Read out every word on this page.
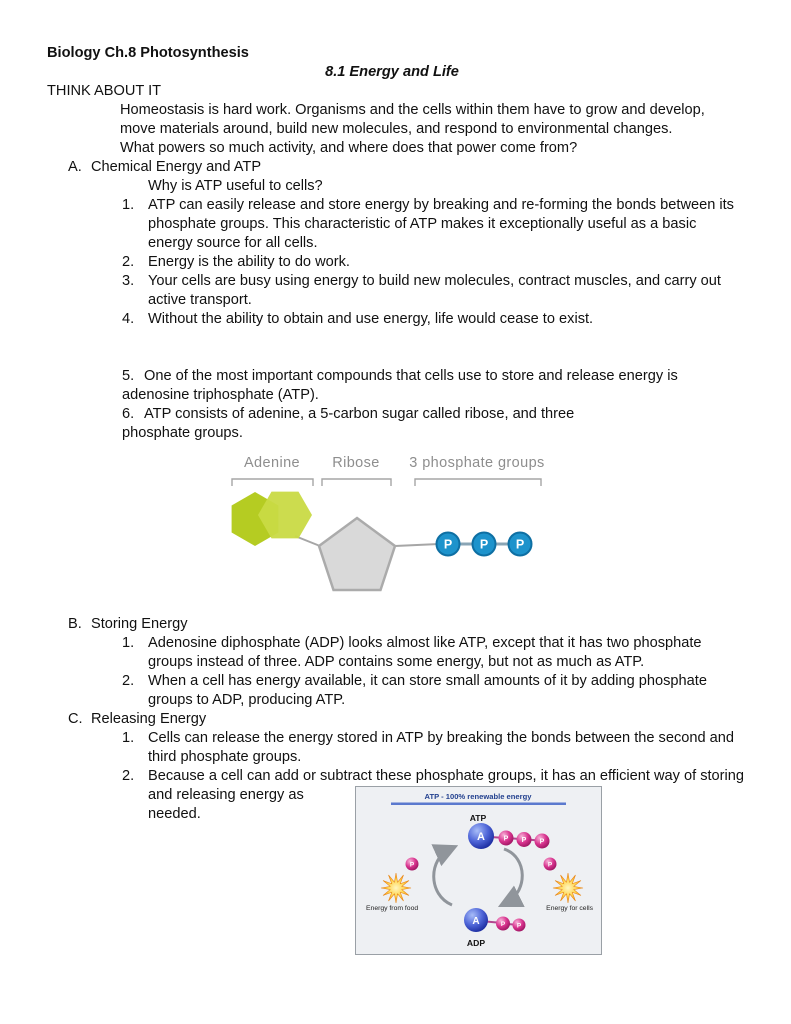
Biology Ch.8 Photosynthesis
8.1 Energy and Life
THINK ABOUT IT
Homeostasis is hard work. Organisms and the cells within them have to grow and develop, move materials around, build new molecules, and respond to environmental changes.
What powers so much activity, and where does that power come from?
A. Chemical Energy and ATP
Why is ATP useful to cells?
1. ATP can easily release and store energy by breaking and re-forming the bonds between its phosphate groups. This characteristic of ATP makes it exceptionally useful as a basic energy source for all cells.
2. Energy is the ability to do work.
3. Your cells are busy using energy to build new molecules, contract muscles, and carry out active transport.
4. Without the ability to obtain and use energy, life would cease to exist.
5. One of the most important compounds that cells use to store and release energy is adenosine triphosphate (ATP).
6. ATP consists of adenine, a 5-carbon sugar called ribose, and three phosphate groups.
Adenine Ribose 3 phosphate groups
P P P
B. Storing Energy
1. Adenosine diphosphate (ADP) looks almost like ATP, except that it has two phosphate groups instead of three. ADP contains some energy, but not as much as ATP.
2. When a cell has energy available, it can store small amounts of it by adding phosphate groups to ADP, producing ATP.
C. Releasing Energy
1. Cells can release the energy stored in ATP by breaking the bonds between the second and third phosphate groups.
2. Because a cell can add or subtract these phosphate groups, it has an efficient way of storing
and releasing energy as needed.
ATP - 100% renewable energy
ATP
A	P P P
P	P
Energy from food	Energy for cells
A	P P
ADP
